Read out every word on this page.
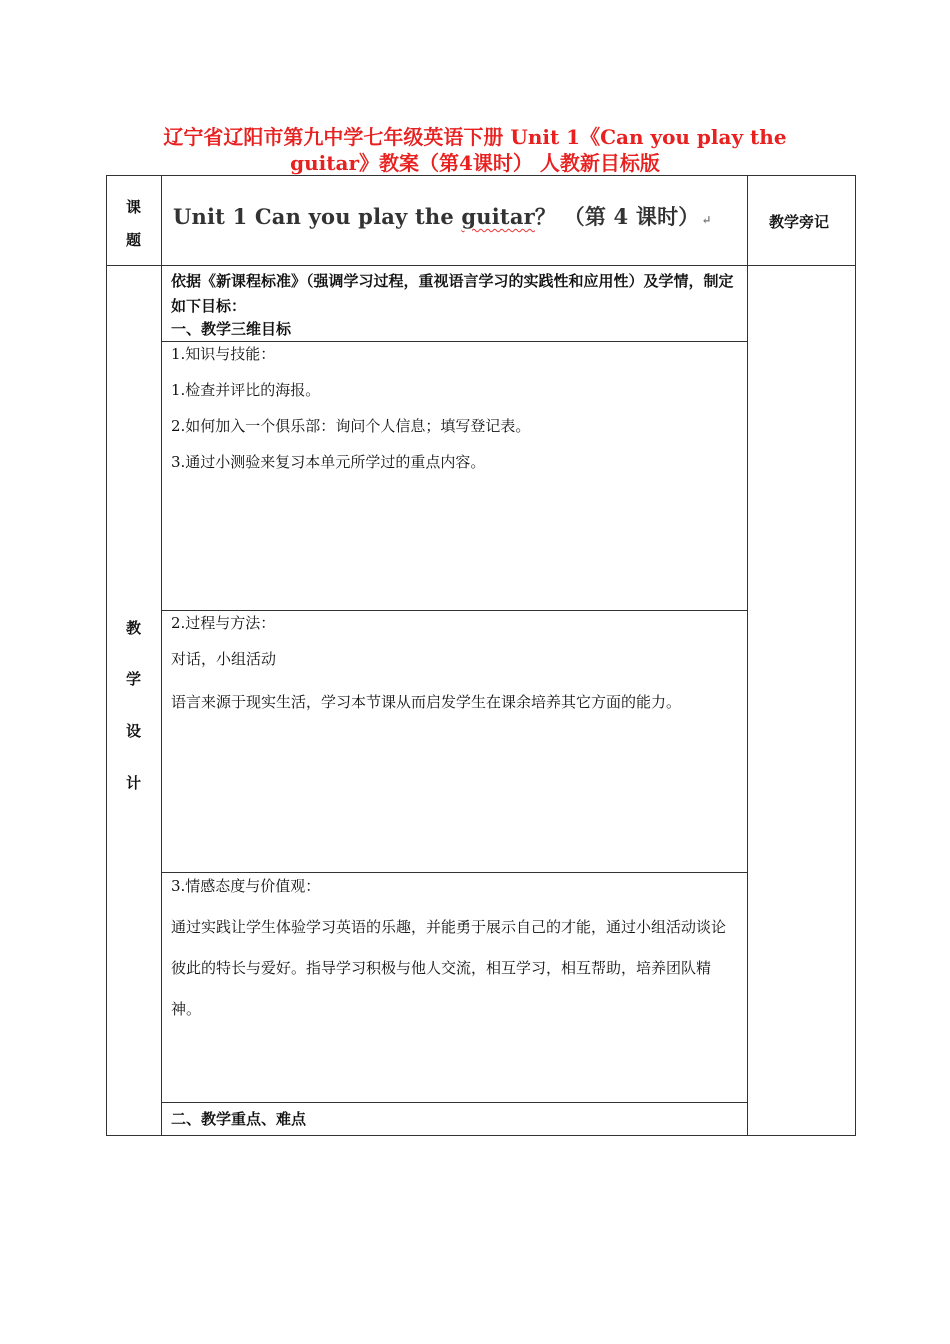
辽宁省辽阳市第九中学七年级英语下册 Unit 1《Can you play the
guitar》教案（第4课时） 人教新目标版
课
题
Unit 1 Can you play the guitar？ （第 4 课时） ↵	教学旁记
教
学
设
计
依据《新课程标准》（强调学习过程，重视语言学习的实践性和应用性）及学情，制定如下目标：
一、教学三维目标
1.知识与技能：
1.检查并评比的海报。
2.如何加入一个俱乐部：询问个人信息；填写登记表。
3.通过小测验来复习本单元所学过的重点内容。
2.过程与方法：
对话，小组活动
语言来源于现实生活，学习本节课从而启发学生在课余培养其它方面的能力。
3.情感态度与价值观：
通过实践让学生体验学习英语的乐趣，并能勇于展示自己的才能，通过小组活动谈论彼此的特长与爱好。指导学习积极与他人交流，相互学习，相互帮助，培养团队精神。
二、教学重点、难点
